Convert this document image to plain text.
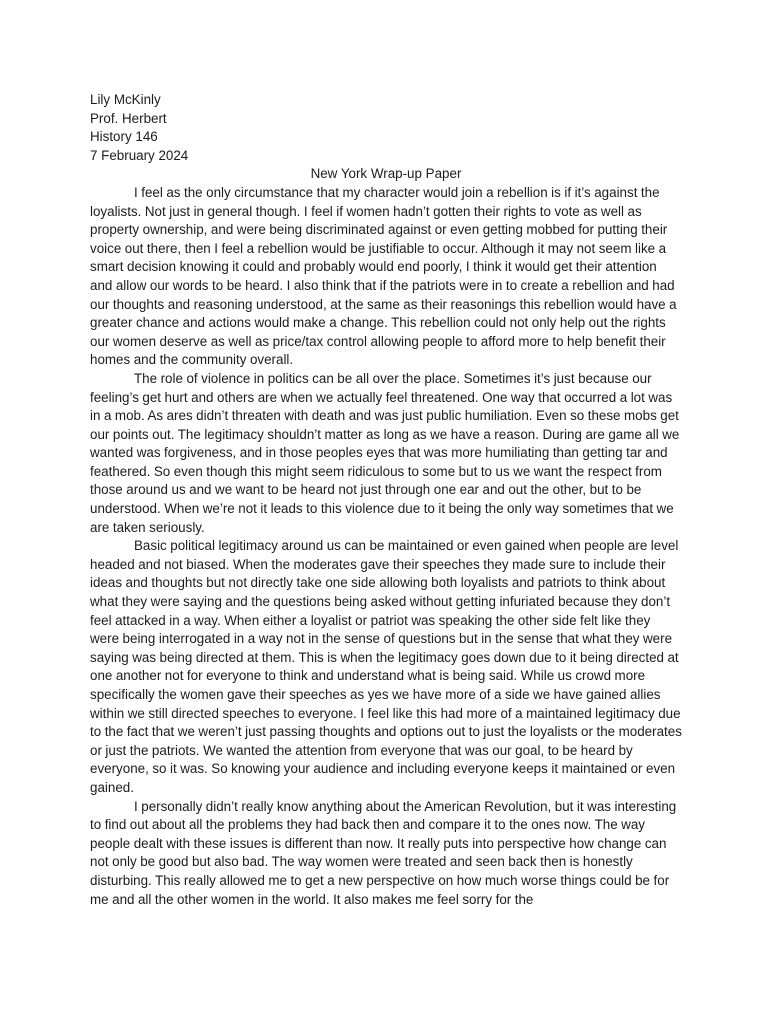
Lily McKinly
Prof. Herbert
History 146
7 February 2024
New York Wrap-up Paper

I feel as the only circumstance that my character would join a rebellion is if it’s against the loyalists. Not just in general though. I feel if women hadn’t gotten their rights to vote as well as property ownership, and were being discriminated against or even getting mobbed for putting their voice out there, then I feel a rebellion would be justifiable to occur. Although it may not seem like a smart decision knowing it could and probably would end poorly, I think it would get their attention and allow our words to be heard. I also think that if the patriots were in to create a rebellion and had our thoughts and reasoning understood, at the same as their reasonings this rebellion would have a greater chance and actions would make a change. This rebellion could not only help out the rights our women deserve as well as price/tax control allowing people to afford more to help benefit their homes and the community overall.

The role of violence in politics can be all over the place. Sometimes it’s just because our feeling’s get hurt and others are when we actually feel threatened. One way that occurred a lot was in a mob. As ares didn’t threaten with death and was just public humiliation. Even so these mobs get our points out. The legitimacy shouldn’t matter as long as we have a reason. During are game all we wanted was forgiveness, and in those peoples eyes that was more humiliating than getting tar and feathered. So even though this might seem ridiculous to some but to us we want the respect from those around us and we want to be heard not just through one ear and out the other, but to be understood. When we’re not it leads to this violence due to it being the only way sometimes that we are taken seriously.

Basic political legitimacy around us can be maintained or even gained when people are level headed and not biased. When the moderates gave their speeches they made sure to include their ideas and thoughts but not directly take one side allowing both loyalists and patriots to think about what they were saying and the questions being asked without getting infuriated because they don’t feel attacked in a way. When either a loyalist or patriot was speaking the other side felt like they were being interrogated in a way not in the sense of questions but in the sense that what they were saying was being directed at them. This is when the legitimacy goes down due to it being directed at one another not for everyone to think and understand what is being said. While us crowd more specifically the women gave their speeches as yes we have more of a side we have gained allies within we still directed speeches to everyone. I feel like this had more of a maintained legitimacy due to the fact that we weren’t just passing thoughts and options out to just the loyalists or the moderates or just the patriots. We wanted the attention from everyone that was our goal, to be heard by everyone, so it was. So knowing your audience and including everyone keeps it maintained or even gained.

I personally didn’t really know anything about the American Revolution, but it was interesting to find out about all the problems they had back then and compare it to the ones now. The way people dealt with these issues is different than now. It really puts into perspective how change can not only be good but also bad. The way women were treated and seen back then is honestly disturbing. This really allowed me to get a new perspective on how much worse things could be for me and all the other women in the world. It also makes me feel sorry for the
